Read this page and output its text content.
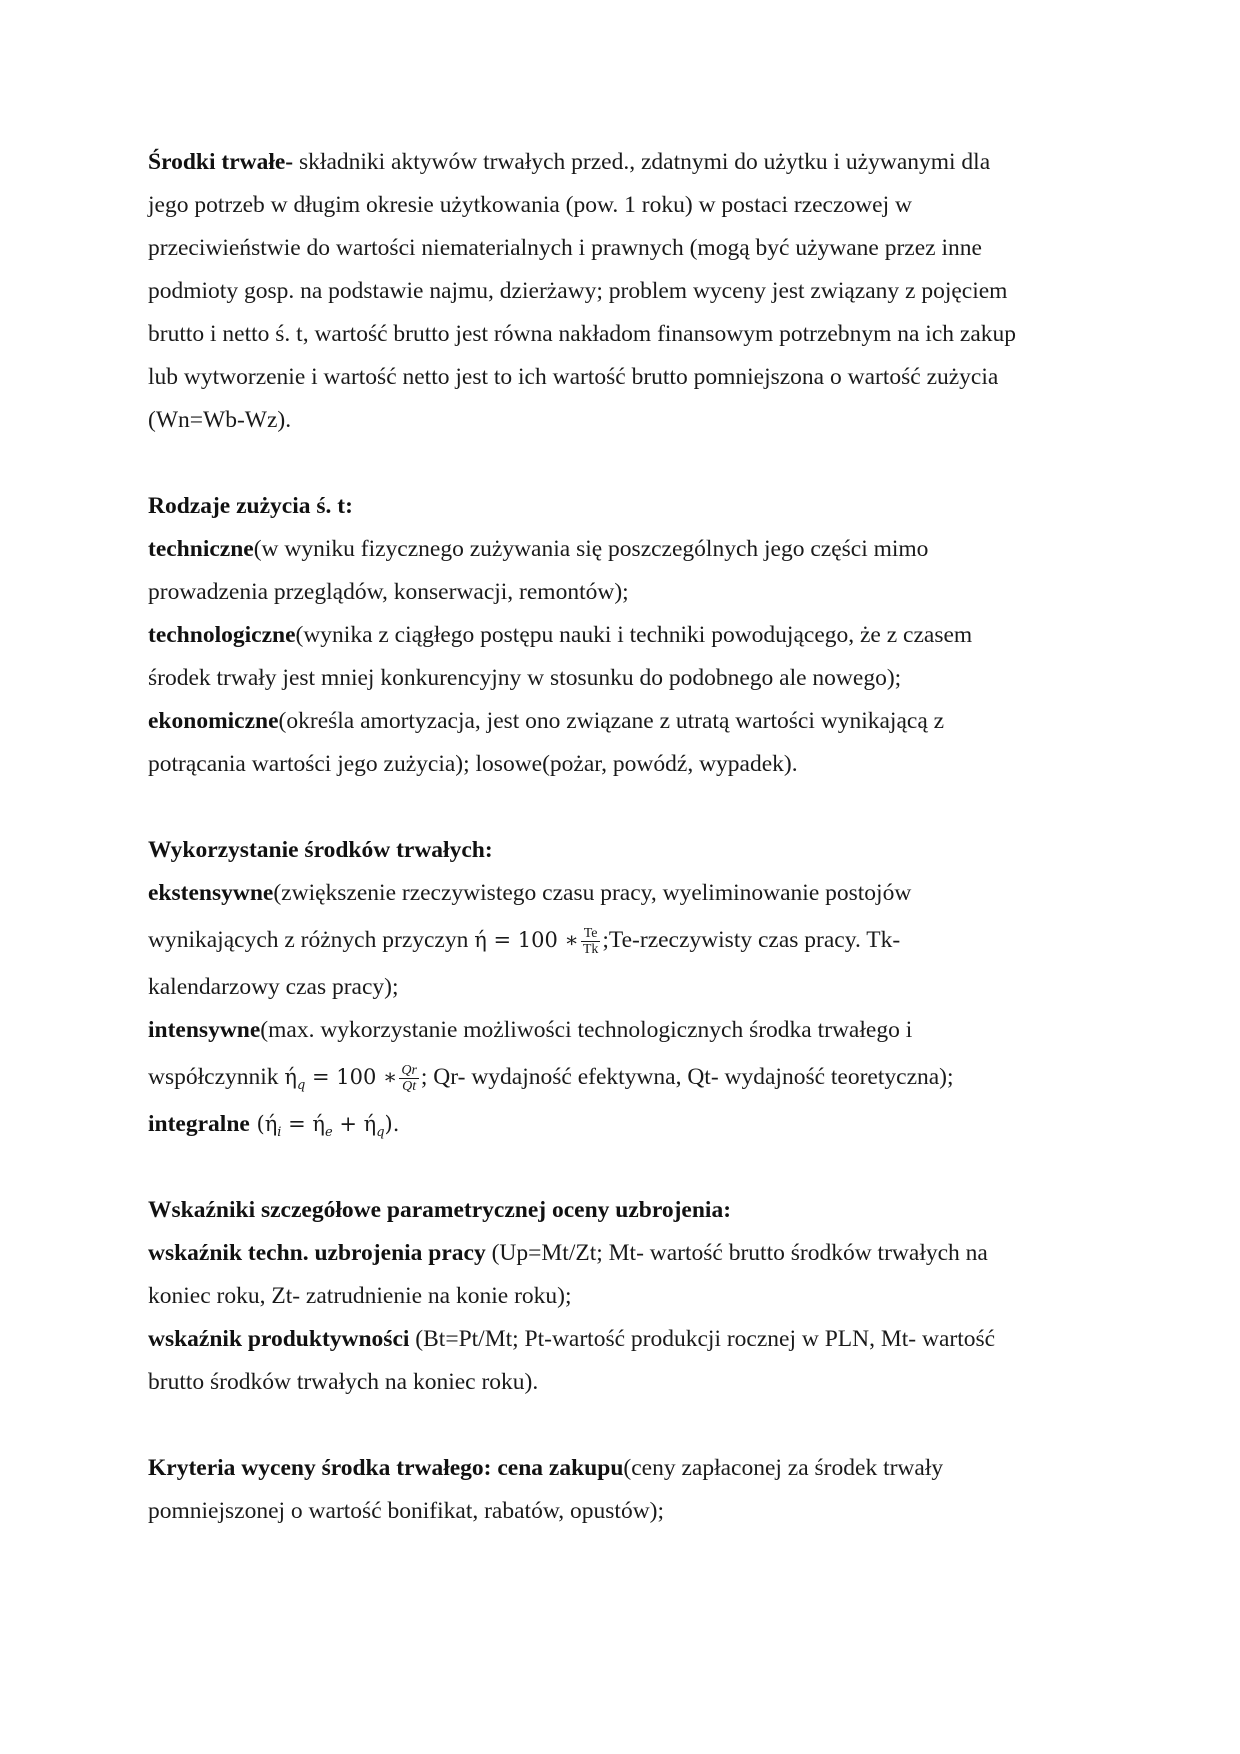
Środki trwałe- składniki aktywów trwałych przed., zdatnymi do użytku i używanymi dla
jego potrzeb w długim okresie użytkowania (pow. 1 roku) w postaci rzeczowej w
przeciwieństwie do wartości niematerialnych i prawnych (mogą być używane przez inne
podmioty gosp. na podstawie najmu, dzierżawy; problem wyceny jest związany z pojęciem
brutto i netto ś. t, wartość brutto jest równa nakładom finansowym potrzebnym na ich zakup
lub wytworzenie i wartość netto jest to ich wartość brutto pomniejszona o wartość zużycia
(Wn=Wb-Wz).
Rodzaje zużycia ś. t:
techniczne(w wyniku fizycznego zużywania się poszczególnych jego części mimo
prowadzenia przeglądów, konserwacji, remontów);
technologiczne(wynika z ciągłego postępu nauki i techniki powodującego, że z czasem
środek trwały jest mniej konkurencyjny w stosunku do podobnego ale nowego);
ekonomiczne(określa amortyzacja, jest ono związane z utratą wartości wynikającą z
potrącania wartości jego zużycia); losowe(pożar, powódź, wypadek).
Wykorzystanie środków trwałych:
ekstensywne(zwiększenie rzeczywistego czasu pracy, wyeliminowanie postojów
wynikających z różnych przyczyn ή = 100 ∗ $\frac{Te}{Tk}$ ;Te-rzeczywisty czas pracy. Tk-
kalendarzowy czas pracy);
intensywne(max. wykorzystanie możliwości technologicznych środka trwałego i
współczynnik $ή_q = 100$ ∗ $\frac{Qr}{Qt}$ ; Qr- wydajność efektywna, Qt- wydajność teoretyczna);
integralne $(ή_i = ή_e + ή_q)$.
Wskaźniki szczegółowe parametrycznej oceny uzbrojenia:
wskaźnik techn. uzbrojenia pracy (Up=Mt/Zt; Mt- wartość brutto środków trwałych na
koniec roku, Zt- zatrudnienie na konie roku);
wskaźnik produktywności (Bt=Pt/Mt; Pt-wartość produkcji rocznej w PLN, Mt- wartość
brutto środków trwałych na koniec roku).
Kryteria wyceny środka trwałego: cena zakupu(ceny zapłaconej za środek trwały
pomniejszonej o wartość bonifikat, rabatów, opustów);
